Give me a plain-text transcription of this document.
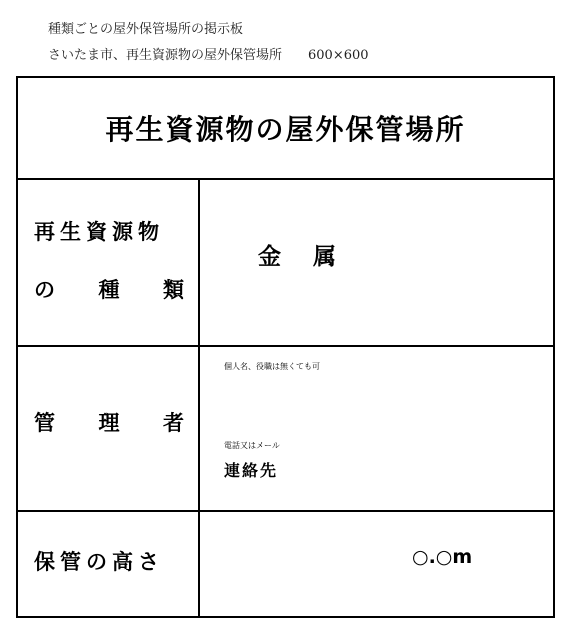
種類ごとの屋外保管場所の掲示板
さいたま市、再生資源物の屋外保管場所 600×600
再生資源物の屋外保管場所
再生資源物
の 種 類
金 属
管 理 者
個人名、役職は無くても可
電話又はメール
連絡先
保管の高さ	○.○m
